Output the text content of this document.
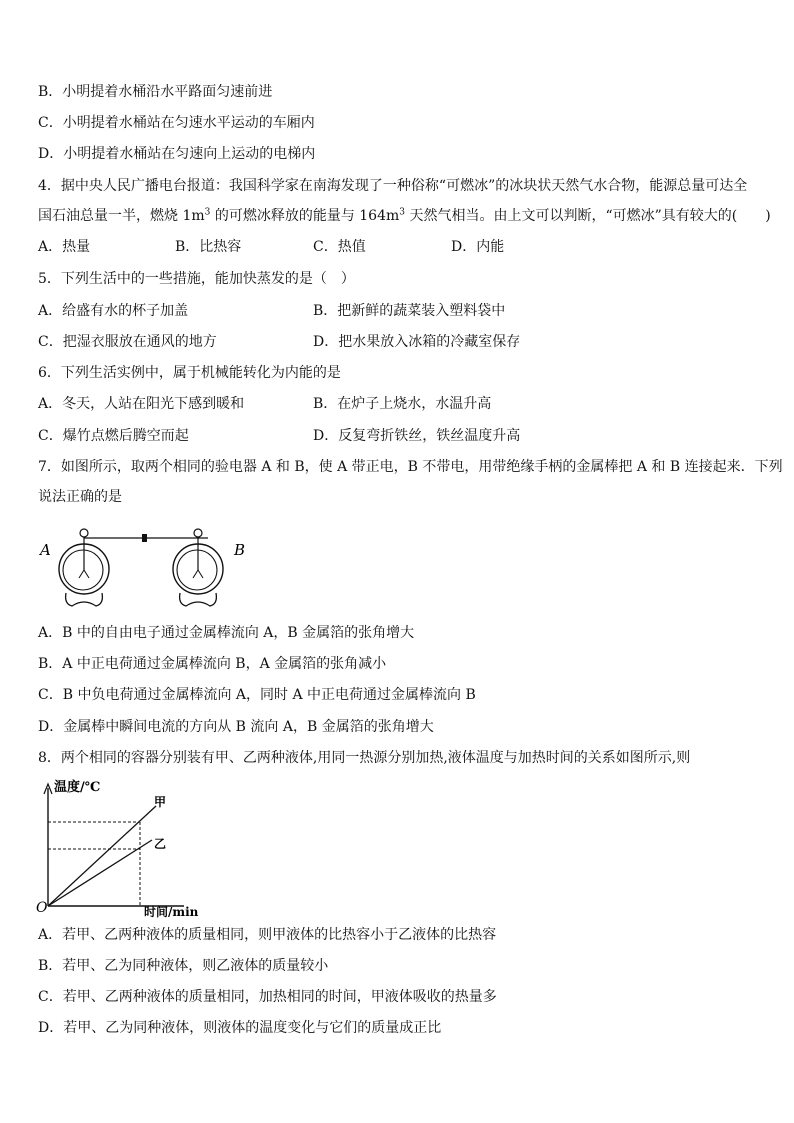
B．小明提着水桶沿水平路面匀速前进
C．小明提着水桶站在匀速水平运动的车厢内
D．小明提着水桶站在匀速向上运动的电梯内
4．据中央人民广播电台报道：我国科学家在南海发现了一种俗称“可燃冰”的冰块状天然气水合物，能源总量可达全
国石油总量一半，燃烧 $1m^3$ 的可燃冰释放的能量与 $164m^3$ 天然气相当。由上文可以判断，“可燃冰”具有较大的(　　)
A．热量	B．比热容	C．热值	D．内能
5．下列生活中的一些措施，能加快蒸发的是（　）
A．给盛有水的杯子加盖	B．把新鲜的蔬菜装入塑料袋中
C．把湿衣服放在通风的地方	D．把水果放入冰箱的冷藏室保存
6．下列生活实例中，属于机械能转化为内能的是
A．冬天，人站在阳光下感到暖和	B．在炉子上烧水，水温升高
C．爆竹点燃后腾空而起	D．反复弯折铁丝，铁丝温度升高
7．如图所示，取两个相同的验电器 A 和 B，使 A 带正电，B 不带电，用带绝缘手柄的金属棒把 A 和 B 连接起来．下列
说法正确的是
A	B
A．B 中的自由电子通过金属棒流向 A，B 金属箔的张角增大
B．A 中正电荷通过金属棒流向 B，A 金属箔的张角减小
C．B 中负电荷通过金属棒流向 A，同时 A 中正电荷通过金属棒流向 B
D．金属棒中瞬间电流的方向从 B 流向 A，B 金属箔的张角增大
8．两个相同的容器分别装有甲、乙两种液体,用同一热源分别加热,液体温度与加热时间的关系如图所示,则
温度/℃
时间/min
O
甲
乙
A．若甲、乙两种液体的质量相同，则甲液体的比热容小于乙液体的比热容
B．若甲、乙为同种液体，则乙液体的质量较小
C．若甲、乙两种液体的质量相同，加热相同的时间，甲液体吸收的热量多
D．若甲、乙为同种液体，则液体的温度变化与它们的质量成正比
